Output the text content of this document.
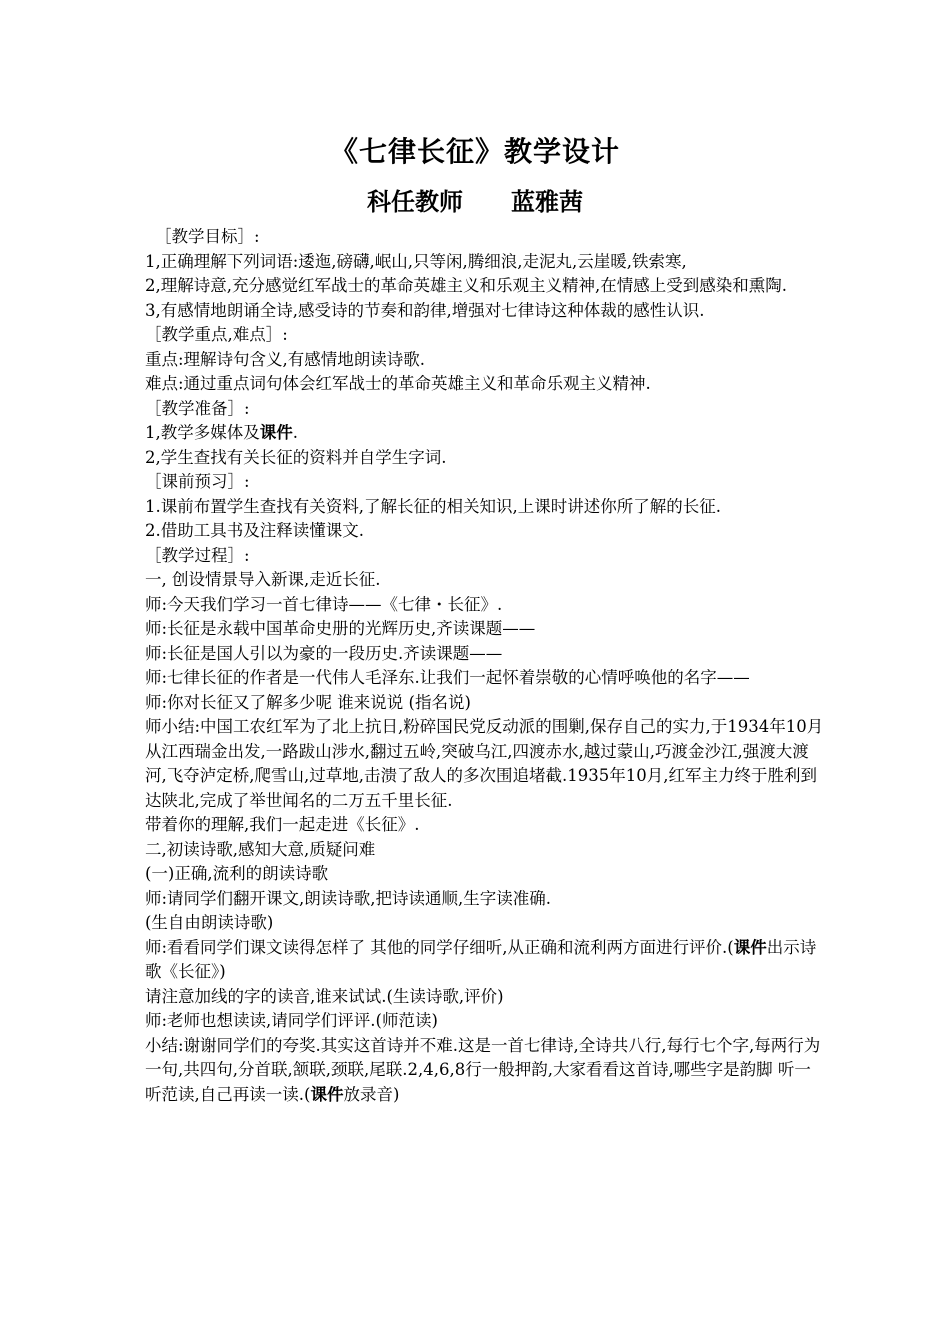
《七律长征》教学设计
科任教师　　蓝雅茜

［教学目标］:

1,正确理解下列词语:逶迤,磅礴,岷山,只等闲,腾细浪,走泥丸,云崖暖,铁索寒,

2,理解诗意,充分感觉红军战士的革命英雄主义和乐观主义精神,在情感上受到感染和熏陶.

3,有感情地朗诵全诗,感受诗的节奏和韵律,增强对七律诗这种体裁的感性认识.

［教学重点,难点］:

重点:理解诗句含义,有感情地朗读诗歌.

难点:通过重点词句体会红军战士的革命英雄主义和革命乐观主义精神.

［教学准备］:

1,教学多媒体及课件.

2,学生查找有关长征的资料并自学生字词.

［课前预习］:

1.课前布置学生查找有关资料,了解长征的相关知识,上课时讲述你所了解的长征.

2.借助工具书及注释读懂课文.

［教学过程］:

一, 创设情景导入新课,走近长征.

师:今天我们学习一首七律诗——《七律・长征》.

师:长征是永载中国革命史册的光辉历史,齐读课题——

师:长征是国人引以为豪的一段历史.齐读课题——

师:七律长征的作者是一代伟人毛泽东.让我们一起怀着崇敬的心情呼唤他的名字——

师:你对长征又了解多少呢 谁来说说 (指名说)

师小结:中国工农红军为了北上抗日,粉碎国民党反动派的围剿,保存自己的实力,于1934年10月从江西瑞金出发,一路跋山涉水,翻过五岭,突破乌江,四渡赤水,越过蒙山,巧渡金沙江,强渡大渡河,飞夺泸定桥,爬雪山,过草地,击溃了敌人的多次围追堵截.1935年10月,红军主力终于胜利到达陕北,完成了举世闻名的二万五千里长征.

带着你的理解,我们一起走进《长征》.

二,初读诗歌,感知大意,质疑问难

(一)正确,流利的朗读诗歌

师:请同学们翻开课文,朗读诗歌,把诗读通顺,生字读准确.

(生自由朗读诗歌)

师:看看同学们课文读得怎样了 其他的同学仔细听,从正确和流利两方面进行评价.(课件出示诗歌《长征》)

请注意加线的字的读音,谁来试试.(生读诗歌,评价)

师:老师也想读读,请同学们评评.(师范读)

小结:谢谢同学们的夸奖.其实这首诗并不难.这是一首七律诗,全诗共八行,每行七个字,每两行为一句,共四句,分首联,颔联,颈联,尾联.2,4,6,8行一般押韵,大家看看这首诗,哪些字是韵脚 听一听范读,自己再读一读.(课件放录音)
